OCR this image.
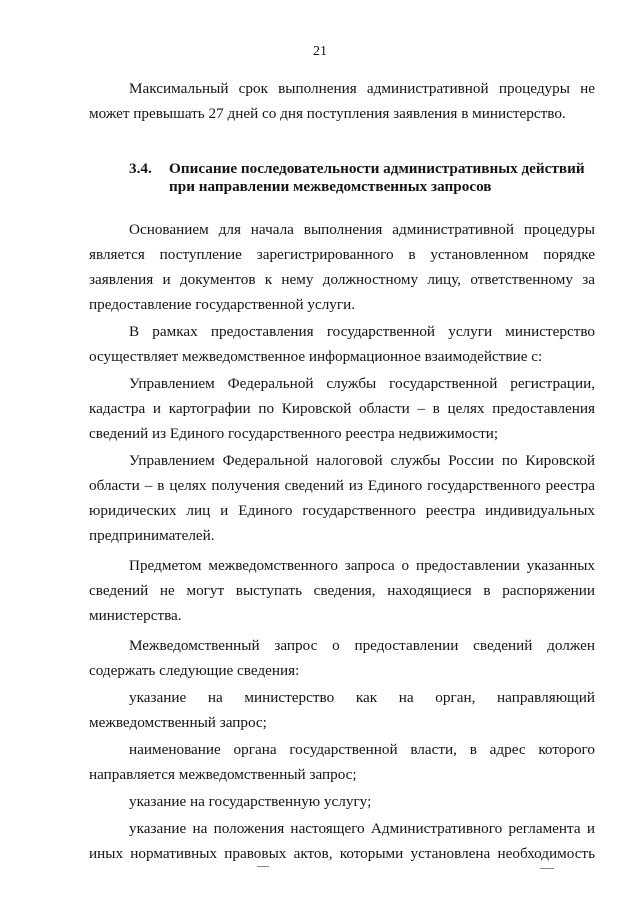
21

Максимальный срок выполнения административной процедуры не может превышать 27 дней со дня поступления заявления в министерство.

3.4.	Описание последовательности административных действий
при направлении межведомственных запросов

Основанием для начала выполнения административной процедуры является поступление зарегистрированного в установленном порядке заявления и документов к нему должностному лицу, ответственному за предоставление государственной услуги.

В рамках предоставления государственной услуги министерство осуществляет межведомственное информационное взаимодействие с:

Управлением Федеральной службы государственной регистрации, кадастра и картографии по Кировской области – в целях предоставления сведений из Единого государственного реестра недвижимости;

Управлением Федеральной налоговой службы России по Кировской области – в целях получения сведений из Единого государственного реестра юридических лиц и Единого государственного реестра индивидуальных предпринимателей.

Предметом межведомственного запроса о предоставлении указанных сведений не могут выступать сведения, находящиеся в распоряжении министерства.

Межведомственный запрос о предоставлении сведений должен содержать следующие сведения:

указание на министерство как на орган, направляющий межведомственный запрос;

наименование органа государственной власти, в адрес которого направляется межведомственный запрос;

указание на государственную услугу;

указание на положения настоящего Административного регламента и иных нормативных правовых актов, которыми установлена необходимость
